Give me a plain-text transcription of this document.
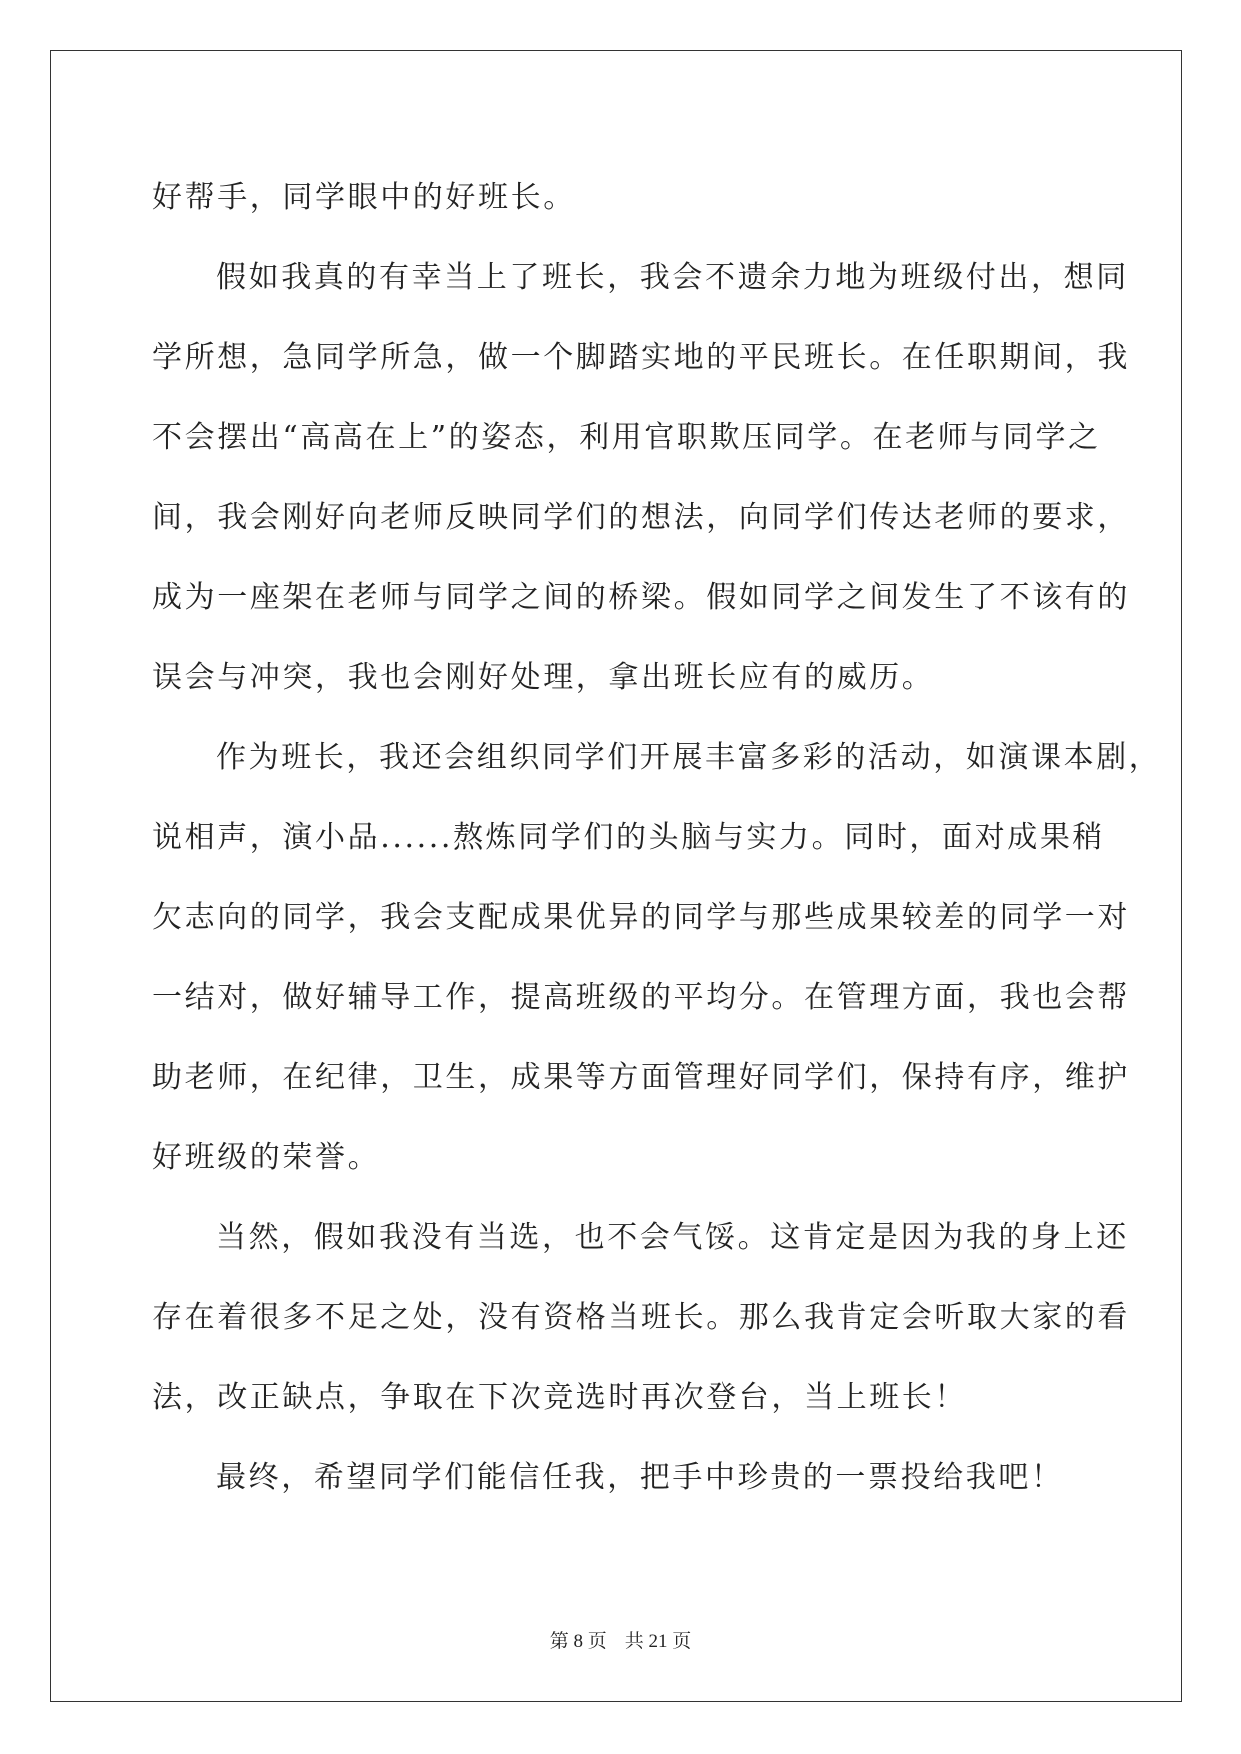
好帮手，同学眼中的好班长。
假如我真的有幸当上了班长，我会不遗余力地为班级付出，想同
学所想，急同学所急，做一个脚踏实地的平民班长。在任职期间，我
不会摆出“高高在上”的姿态，利用官职欺压同学。在老师与同学之
间，我会刚好向老师反映同学们的想法，向同学们传达老师的要求，
成为一座架在老师与同学之间的桥梁。假如同学之间发生了不该有的
误会与冲突，我也会刚好处理，拿出班长应有的威历。
作为班长，我还会组织同学们开展丰富多彩的活动，如演课本剧，
说相声，演小品......熬炼同学们的头脑与实力。同时，面对成果稍
欠志向的同学，我会支配成果优异的同学与那些成果较差的同学一对
一结对，做好辅导工作，提高班级的平均分。在管理方面，我也会帮
助老师，在纪律，卫生，成果等方面管理好同学们，保持有序，维护
好班级的荣誉。
当然，假如我没有当选，也不会气馁。这肯定是因为我的身上还
存在着很多不足之处，没有资格当班长。那么我肯定会听取大家的看
法，改正缺点，争取在下次竞选时再次登台，当上班长！
最终，希望同学们能信任我，把手中珍贵的一票投给我吧！
第 8 页 共 21 页
